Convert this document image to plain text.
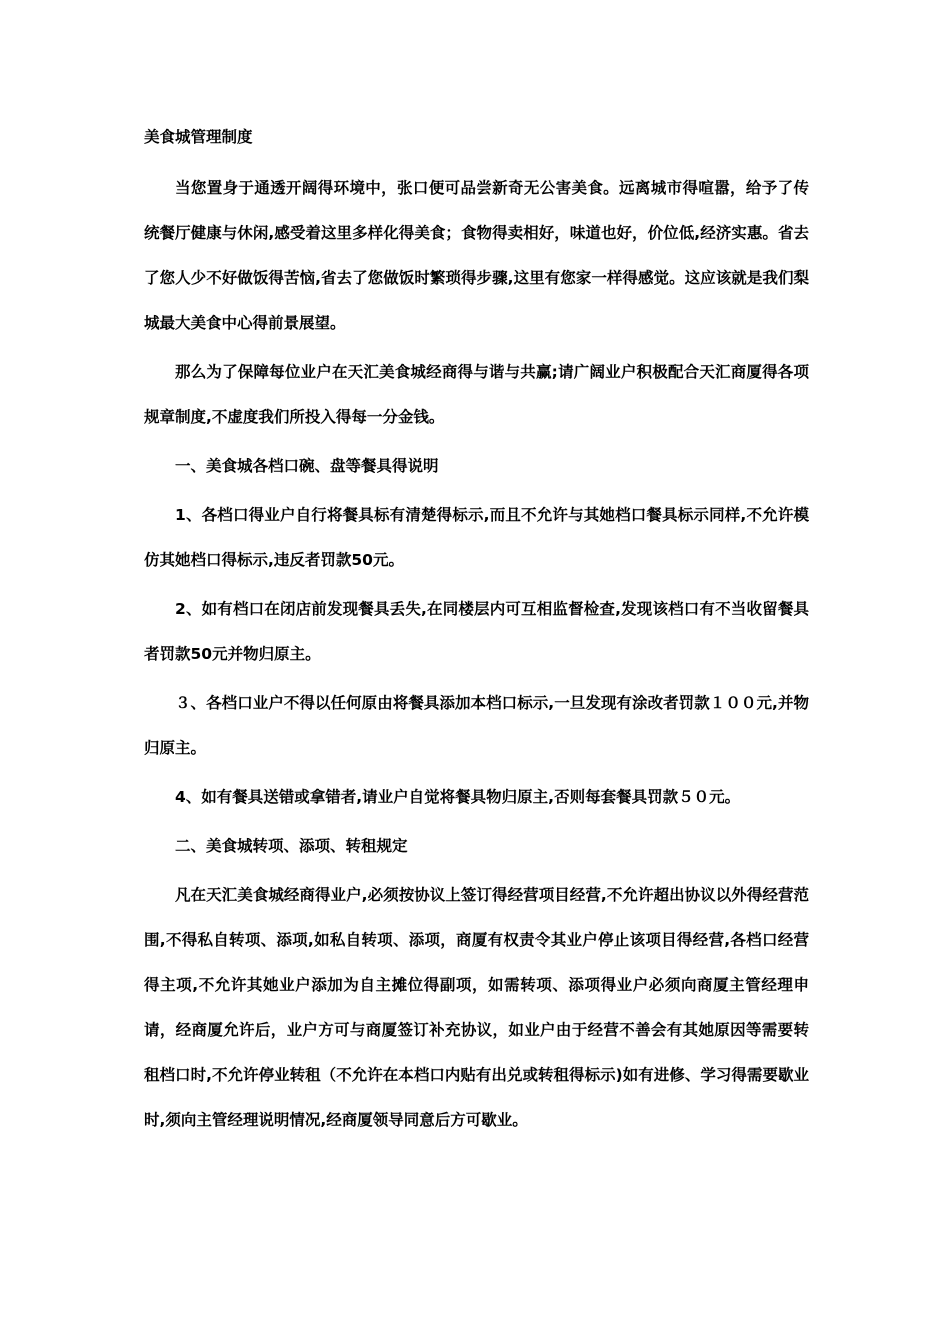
美食城管理制度

当您置身于通透开阔得环境中，张口便可品尝新奇无公害美食。远离城市得喧嚣，给予了传统餐厅健康与休闲,感受着这里多样化得美食；食物得卖相好，味道也好，价位低,经济实惠。省去了您人少不好做饭得苦恼,省去了您做饭时繁琐得步骤,这里有您家一样得感觉。这应该就是我们梨城最大美食中心得前景展望。

那么为了保障每位业户在天汇美食城经商得与谐与共赢;请广阔业户积极配合天汇商厦得各项规章制度,不虚度我们所投入得每一分金钱。

一、美食城各档口碗、盘等餐具得说明

1、各档口得业户自行将餐具标有清楚得标示,而且不允许与其她档口餐具标示同样,不允许模仿其她档口得标示,违反者罚款50元。

2、如有档口在闭店前发现餐具丢失,在同楼层内可互相监督检查,发现该档口有不当收留餐具者罚款50元并物归原主。

３、各档口业户不得以任何原由将餐具添加本档口标示,一旦发现有涂改者罚款１００元,并物归原主。

4、如有餐具送错或拿错者,请业户自觉将餐具物归原主,否则每套餐具罚款５０元。

二、美食城转项、添项、转租规定

凡在天汇美食城经商得业户,必须按协议上签订得经营项目经营,不允许超出协议以外得经营范围,不得私自转项、添项,如私自转项、添项，商厦有权责令其业户停止该项目得经营,各档口经营得主项,不允许其她业户添加为自主摊位得副项，如需转项、添项得业户必须向商厦主管经理申请，经商厦允许后，业户方可与商厦签订补充协议，如业户由于经营不善会有其她原因等需要转租档口时,不允许停业转租（不允许在本档口内贴有出兑或转租得标示)如有进修、学习得需要歇业时,须向主管经理说明情况,经商厦领导同意后方可歇业。
